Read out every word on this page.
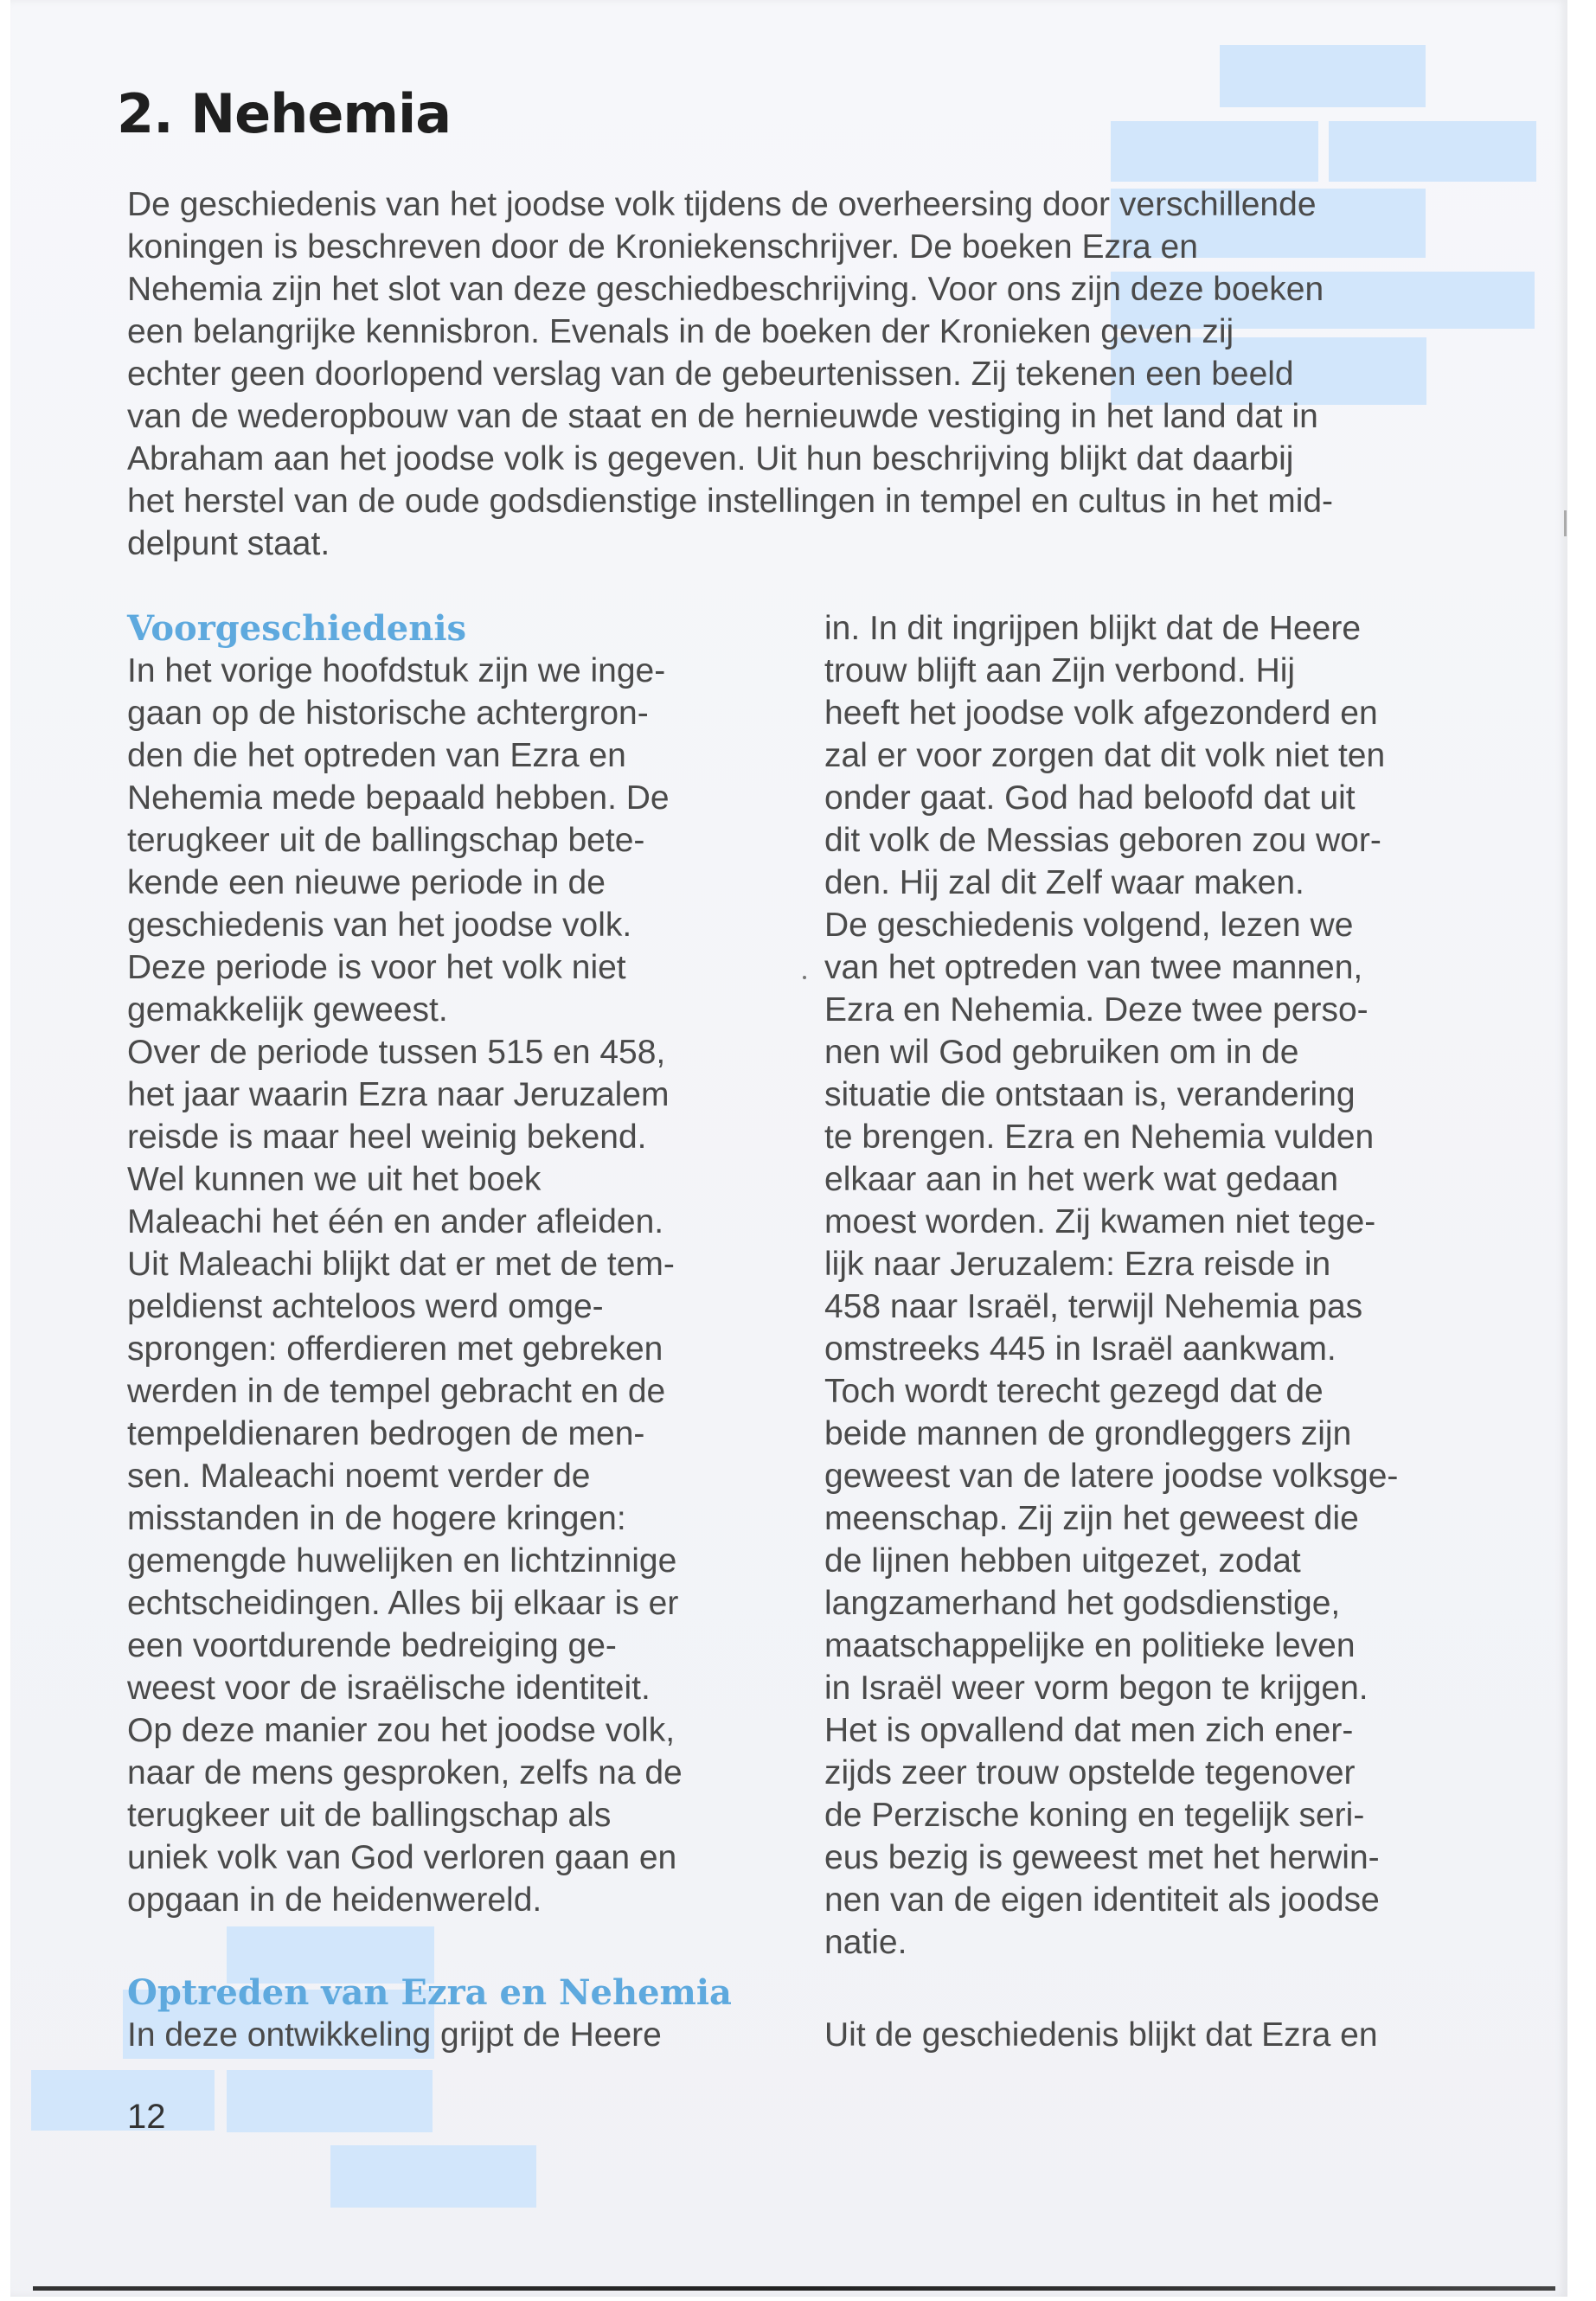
2. Nehemia
De geschiedenis van het joodse volk tijdens de overheersing door verschillende
koningen is beschreven door de Kroniekenschrijver. De boeken Ezra en
Nehemia zijn het slot van deze geschiedbeschrijving. Voor ons zijn deze boeken
een belangrijke kennisbron. Evenals in de boeken der Kronieken geven zij
echter geen doorlopend verslag van de gebeurtenissen. Zij tekenen een beeld
van de wederopbouw van de staat en de hernieuwde vestiging in het land dat in
Abraham aan het joodse volk is gegeven. Uit hun beschrijving blijkt dat daarbij
het herstel van de oude godsdienstige instellingen in tempel en cultus in het mid-
delpunt staat.
Voorgeschiedenis
In het vorige hoofdstuk zijn we inge-
gaan op de historische achtergron-
den die het optreden van Ezra en
Nehemia mede bepaald hebben. De
terugkeer uit de ballingschap bete-
kende een nieuwe periode in de
geschiedenis van het joodse volk.
Deze periode is voor het volk niet
gemakkelijk geweest.
Over de periode tussen 515 en 458,
het jaar waarin Ezra naar Jeruzalem
reisde is maar heel weinig bekend.
Wel kunnen we uit het boek
Maleachi het één en ander afleiden.
Uit Maleachi blijkt dat er met de tem-
peldienst achteloos werd omge-
sprongen: offerdieren met gebreken
werden in de tempel gebracht en de
tempeldienaren bedrogen de men-
sen. Maleachi noemt verder de
misstanden in de hogere kringen:
gemengde huwelijken en lichtzinnige
echtscheidingen. Alles bij elkaar is er
een voortdurende bedreiging ge-
weest voor de israëlische identiteit.
Op deze manier zou het joodse volk,
naar de mens gesproken, zelfs na de
terugkeer uit de ballingschap als
uniek volk van God verloren gaan en
opgaan in de heidenwereld.
Optreden van Ezra en Nehemia
In deze ontwikkeling grijpt de Heere
in. In dit ingrijpen blijkt dat de Heere
trouw blijft aan Zijn verbond. Hij
heeft het joodse volk afgezonderd en
zal er voor zorgen dat dit volk niet ten
onder gaat. God had beloofd dat uit
dit volk de Messias geboren zou wor-
den. Hij zal dit Zelf waar maken.
De geschiedenis volgend, lezen we
van het optreden van twee mannen,
Ezra en Nehemia. Deze twee perso-
nen wil God gebruiken om in de
situatie die ontstaan is, verandering
te brengen. Ezra en Nehemia vulden
elkaar aan in het werk wat gedaan
moest worden. Zij kwamen niet tege-
lijk naar Jeruzalem: Ezra reisde in
458 naar Israël, terwijl Nehemia pas
omstreeks 445 in Israël aankwam.
Toch wordt terecht gezegd dat de
beide mannen de grondleggers zijn
geweest van de latere joodse volksge-
meenschap. Zij zijn het geweest die
de lijnen hebben uitgezet, zodat
langzamerhand het godsdienstige,
maatschappelijke en politieke leven
in Israël weer vorm begon te krijgen.
Het is opvallend dat men zich ener-
zijds zeer trouw opstelde tegenover
de Perzische koning en tegelijk seri-
eus bezig is geweest met het herwin-
nen van de eigen identiteit als joodse
natie.
Uit de geschiedenis blijkt dat Ezra en
12
